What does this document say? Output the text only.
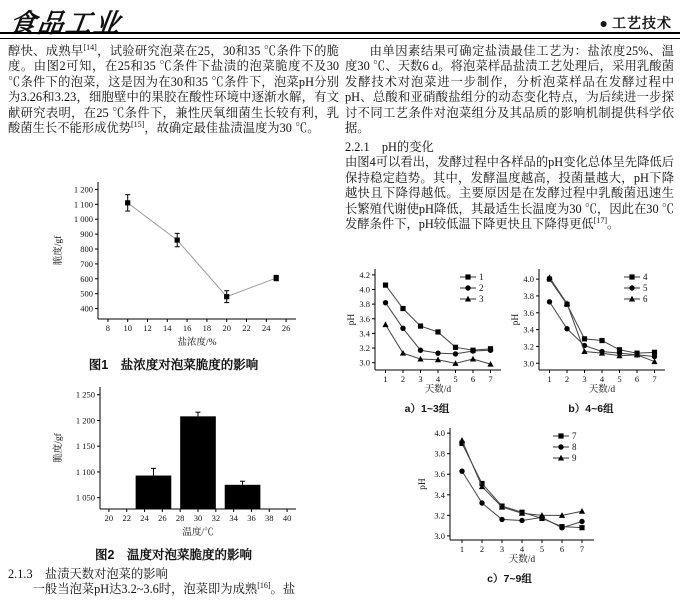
食品工业	● 工艺技术

醇快、成熟早[14]，试验研究泡菜在25，30和35 ℃条件下的脆度。由图2可知，在25和35 ℃条件下盐渍的泡菜脆度不及30 ℃条件下的泡菜，这是因为在30和35 ℃条件下，泡菜pH分别为3.26和3.23，细胞壁中的果胶在酸性环境中逐渐水解，有文献研究表明，在25 ℃条件下，兼性厌氧细菌生长较有利，乳酸菌生长不能形成优势[15]，故确定最佳盐渍温度为30 ℃。

8 10 12 14 16 18 20 22 24 26
400
500
600
700
800
900
1 000
1 100
1 200
盐浓度/%
脆度/gf

图1　盐浓度对泡菜脆度的影响

20 22 24 26 28 30 32 34 36 38 40
1 050
1 100
1 150
1 200
1 250
温度/℃
脆度/gf

图2　温度对泡菜脆度的影响

2.1.3　盐渍天数对泡菜的影响

一般当泡菜pH达3.2~3.6时，泡菜即为成熟[16]。盐

由单因素结果可确定盐渍最佳工艺为：盐浓度25%、温度30 ℃、天数6 d。将泡菜样品盐渍工艺处理后，采用乳酸菌发酵技术对泡菜进一步制作，分析泡菜样品在发酵过程中pH、总酸和亚硝酸盐组分的动态变化特点，为后续进一步探讨不同工艺条件对泡菜组分及其品质的影响机制提供科学依据。

2.2.1　pH的变化

由图4可以看出，发酵过程中各样品的pH变化总体呈先降低后保持稳定趋势。其中，发酵温度越高，投菌量越大，pH下降越快且下降得越低。主要原因是在发酵过程中乳酸菌迅速生长繁殖代谢使pH降低，其最适生长温度为30 ℃，因此在30 ℃发酵条件下，pH较低温下降更快且下降得更低[17]。

1 2 3 4 5 6 7
3.0
3.2
3.4
3.6
3.8
4.0
4.2
天数/d
pH
1
2
3

a）1~3组

1 2 3 4 5 6 7
3.0
3.2
3.4
3.6
3.8
4.0
天数/d
pH
4
5
6

b）4~6组

1 2 3 4 5 6 7
3.0
3.2
3.4
3.6
3.8
4.0
天数/d
pH
7
8
9

c）7~9组
